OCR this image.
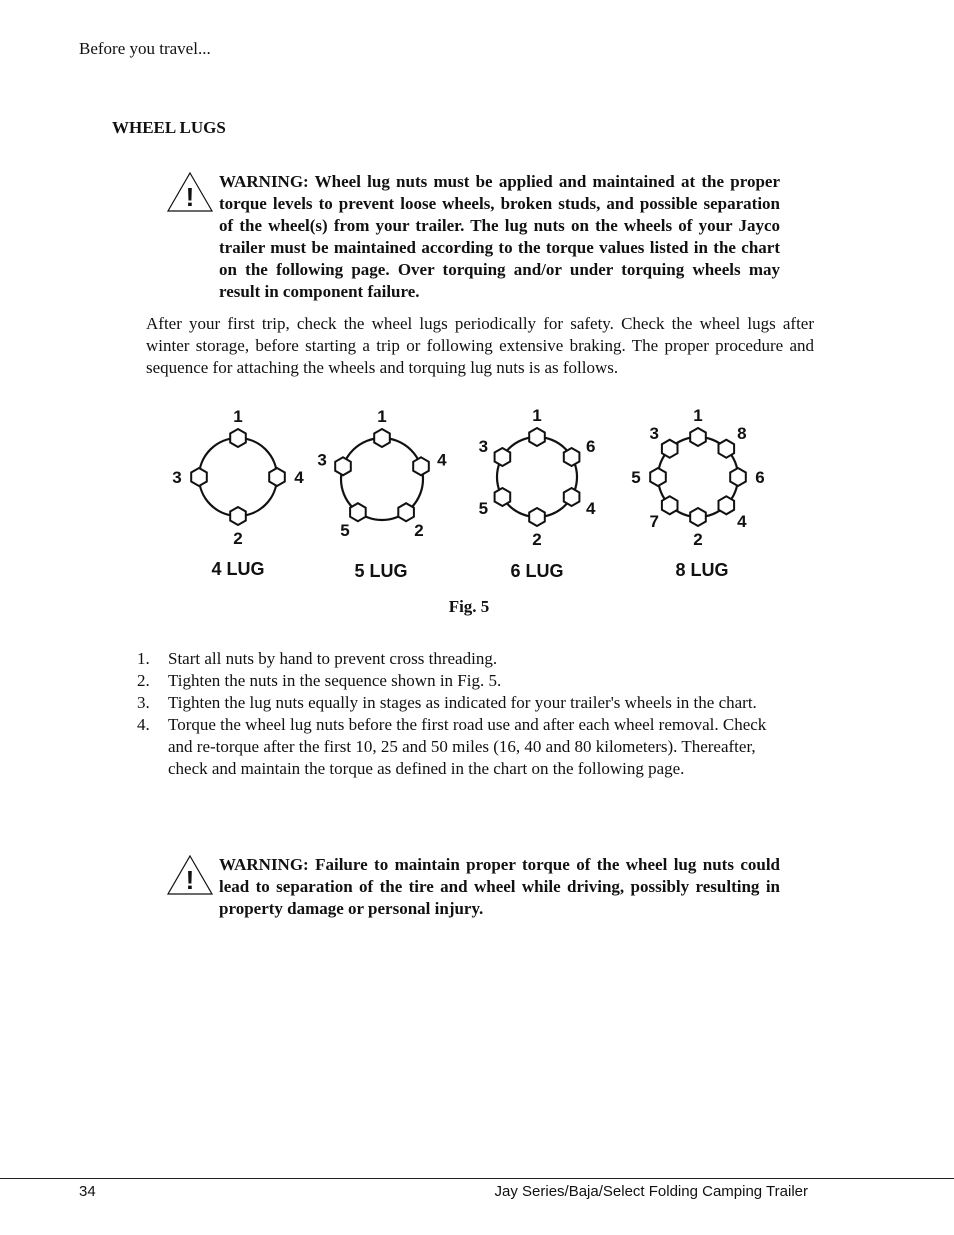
Before you travel...
WHEEL LUGS
!
WARNING: Wheel lug nuts must be applied and maintained at the proper torque levels to prevent loose wheels, broken studs, and possible separation of the wheel(s) from your trailer. The lug nuts on the wheels of your Jayco trailer must be maintained according to the torque values listed in the chart on the following page. Over torquing and/or under torquing wheels may result in component failure.
After your first trip, check the wheel lugs periodically for safety. Check the wheel lugs after winter storage, before starting a trip or following extensive braking. The proper procedure and sequence for attaching the wheels and torquing lug nuts is as follows.
1
4
2
3
4 LUG
1
4
2
5
3
5 LUG
1
6
4
2
5
3
6 LUG
1
8
6
4
2
7
5
3
8 LUG
Fig. 5
1. Start all nuts by hand to prevent cross threading.
2. Tighten the nuts in the sequence shown in Fig. 5.
3. Tighten the lug nuts equally in stages as indicated for your trailer's wheels in the chart.
4. Torque the wheel lug nuts before the first road use and after each wheel removal. Check and re-torque after the first 10, 25 and 50 miles (16, 40 and 80 kilometers). Thereafter, check and maintain the torque as defined in the chart on the following page.
!
WARNING: Failure to maintain proper torque of the wheel lug nuts could lead to separation of the tire and wheel while driving, possibly resulting in property damage or personal injury.
34	Jay Series/Baja/Select Folding Camping Trailer
